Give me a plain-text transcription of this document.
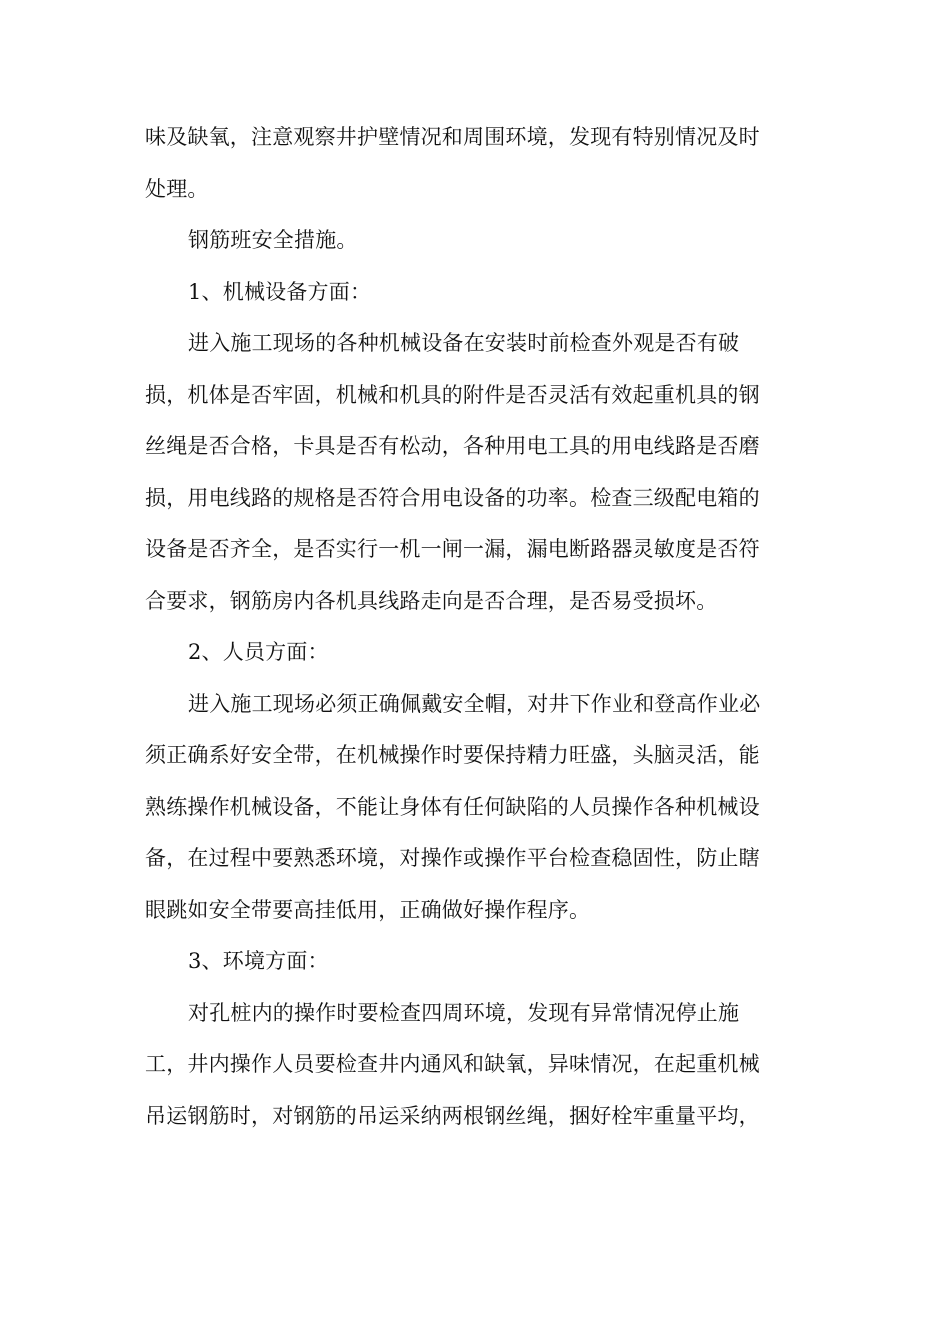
味及缺氧，注意观察井护壁情况和周围环境，发现有特别情况及时
处理。
钢筋班安全措施。
1、机械设备方面：
进入施工现场的各种机械设备在安装时前检查外观是否有破
损，机体是否牢固，机械和机具的附件是否灵活有效起重机具的钢
丝绳是否合格，卡具是否有松动，各种用电工具的用电线路是否磨
损，用电线路的规格是否符合用电设备的功率。检查三级配电箱的
设备是否齐全，是否实行一机一闸一漏，漏电断路器灵敏度是否符
合要求，钢筋房内各机具线路走向是否合理，是否易受损坏。
2、人员方面：
进入施工现场必须正确佩戴安全帽，对井下作业和登高作业必
须正确系好安全带，在机械操作时要保持精力旺盛，头脑灵活，能
熟练操作机械设备，不能让身体有任何缺陷的人员操作各种机械设
备，在过程中要熟悉环境，对操作或操作平台检查稳固性，防止瞎
眼跳如安全带要高挂低用，正确做好操作程序。
3、环境方面：
对孔桩内的操作时要检查四周环境，发现有异常情况停止施
工，井内操作人员要检查井内通风和缺氧，异味情况，在起重机械
吊运钢筋时，对钢筋的吊运采纳两根钢丝绳，捆好栓牢重量平均，
